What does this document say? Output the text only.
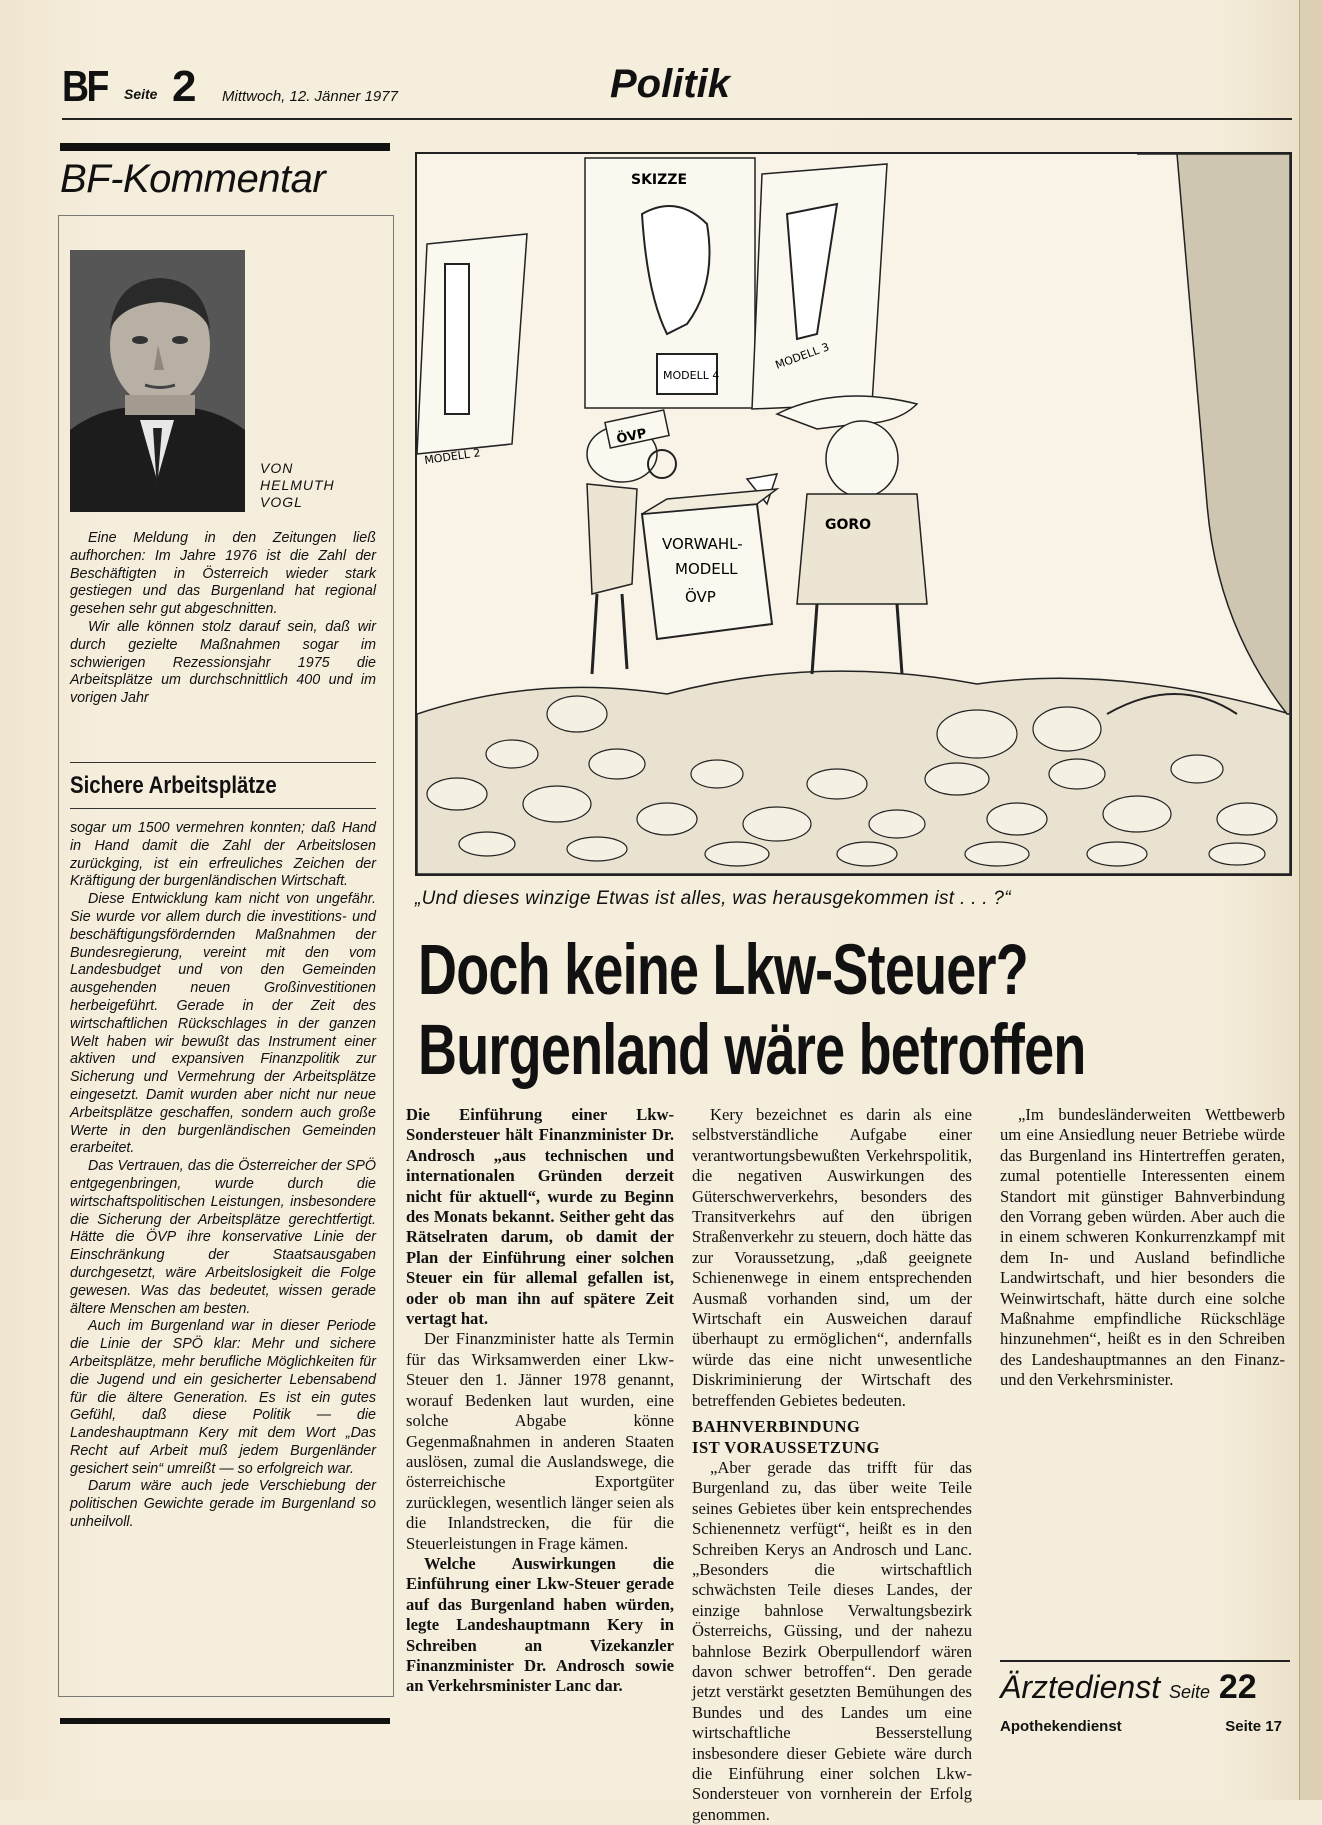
BF Seite 2 Mittwoch, 12. Jänner 1977	Politik
BF-Kommentar
VON
HELMUTH
VOGL

Eine Meldung in den Zeitungen ließ aufhorchen: Im Jahre 1976 ist die Zahl der Beschäftigten in Österreich wieder stark gestiegen und das Burgenland hat regional gesehen sehr gut abgeschnitten.

Wir alle können stolz darauf sein, daß wir durch gezielte Maßnahmen sogar im schwierigen Rezessionsjahr 1975 die Arbeitsplätze um durchschnittlich 400 und im vorigen Jahr

Sichere Arbeitsplätze

sogar um 1500 vermehren konnten; daß Hand in Hand damit die Zahl der Arbeitslosen zurückging, ist ein erfreuliches Zeichen der Kräftigung der burgenländischen Wirtschaft.

Diese Entwicklung kam nicht von ungefähr. Sie wurde vor allem durch die investitions- und beschäftigungsfördernden Maßnahmen der Bundesregierung, vereint mit den vom Landesbudget und von den Gemeinden ausgehenden neuen Großinvestitionen herbeigeführt. Gerade in der Zeit des wirtschaftlichen Rückschlages in der ganzen Welt haben wir bewußt das Instrument einer aktiven und expansiven Finanzpolitik zur Sicherung und Vermehrung der Arbeitsplätze eingesetzt. Damit wurden aber nicht nur neue Arbeitsplätze geschaffen, sondern auch große Werte in den burgenländischen Gemeinden erarbeitet.

Das Vertrauen, das die Österreicher der SPÖ entgegenbringen, wurde durch die wirtschaftspolitischen Leistungen, insbesondere die Sicherung der Arbeitsplätze gerechtfertigt. Hätte die ÖVP ihre konservative Linie der Einschränkung der Staatsausgaben durchgesetzt, wäre Arbeitslosigkeit die Folge gewesen. Was das bedeutet, wissen gerade ältere Menschen am besten.

Auch im Burgenland war in dieser Periode die Linie der SPÖ klar: Mehr und sichere Arbeitsplätze, mehr berufliche Möglichkeiten für die Jugend und ein gesicherter Lebensabend für die ältere Generation. Es ist ein gutes Gefühl, daß diese Politik — die Landeshauptmann Kery mit dem Wort „Das Recht auf Arbeit muß jedem Burgenländer gesichert sein“ umreißt — so erfolgreich war.

Darum wäre auch jede Verschiebung der politischen Gewichte gerade im Burgenland so unheilvoll.

MODELL 2
SKIZZE
MODELL 4
MODELL 3
ÖVP
GORO
VORWAHL-
MODELL
ÖVP
„Und dieses winzige Etwas ist alles, was herausgekommen ist . . . ?“
Doch keine Lkw-Steuer?
Burgenland wäre betroffen

Die Einführung einer Lkw-Sondersteuer hält Finanzminister Dr. Androsch „aus technischen und internationalen Gründen derzeit nicht für aktuell“, wurde zu Beginn des Monats bekannt. Seither geht das Rätselraten darum, ob damit der Plan der Einführung einer solchen Steuer ein für allemal gefallen ist, oder ob man ihn auf spätere Zeit vertagt hat.

Der Finanzminister hatte als Termin für das Wirksamwerden einer Lkw-Steuer den 1. Jänner 1978 genannt, worauf Bedenken laut wurden, eine solche Abgabe könne Gegenmaßnahmen in anderen Staaten auslösen, zumal die Auslandswege, die österreichische Exportgüter zurücklegen, wesentlich länger seien als die Inlandstrecken, die für die Steuerleistungen in Frage kämen.

Welche Auswirkungen die Einführung einer Lkw-Steuer gerade auf das Burgenland haben würden, legte Landeshauptmann Kery in Schreiben an Vizekanzler Finanzminister Dr. Androsch sowie an Verkehrsminister Lanc dar.

Kery bezeichnet es darin als eine selbstverständliche Aufgabe einer verantwortungsbewußten Verkehrspolitik, die negativen Auswirkungen des Güterschwerverkehrs, besonders des Transitverkehrs auf den übrigen Straßenverkehr zu steuern, doch hätte das zur Voraussetzung, „daß geeignete Schienenwege in einem entsprechenden Ausmaß vorhanden sind, um der Wirtschaft ein Ausweichen darauf überhaupt zu ermöglichen“, andernfalls würde das eine nicht unwesentliche Diskriminierung der Wirtschaft des betreffenden Gebietes bedeuten.

BAHNVERBINDUNG

IST VORAUSSETZUNG

„Aber gerade das trifft für das Burgenland zu, das über weite Teile seines Gebietes über kein entsprechendes Schienennetz verfügt“, heißt es in den Schreiben Kerys an Androsch und Lanc. „Besonders die wirtschaftlich schwächsten Teile dieses Landes, der einzige bahnlose Verwaltungsbezirk Österreichs, Güssing, und der nahezu bahnlose Bezirk Oberpullendorf wären davon schwer betroffen“. Den gerade jetzt verstärkt gesetzten Bemühungen des Bundes und des Landes um eine wirtschaftliche Besserstellung insbesondere dieser Gebiete wäre durch die Einführung einer solchen Lkw-Sondersteuer von vornherein der Erfolg genommen.

„Im bundesländerweiten Wettbewerb um eine Ansiedlung neuer Betriebe würde das Burgenland ins Hintertreffen geraten, zumal potentielle Interessenten einem Standort mit günstiger Bahnverbindung den Vorrang geben würden. Aber auch die in einem schweren Konkurrenzkampf mit dem In- und Ausland befindliche Landwirtschaft, und hier besonders die Weinwirtschaft, hätte durch eine solche Maßnahme empfindliche Rückschläge hinzunehmen“, heißt es in den Schreiben des Landeshauptmannes an den Finanz- und den Verkehrsminister.

Ärztedienst Seite 22
Apothekendienst	Seite 17
